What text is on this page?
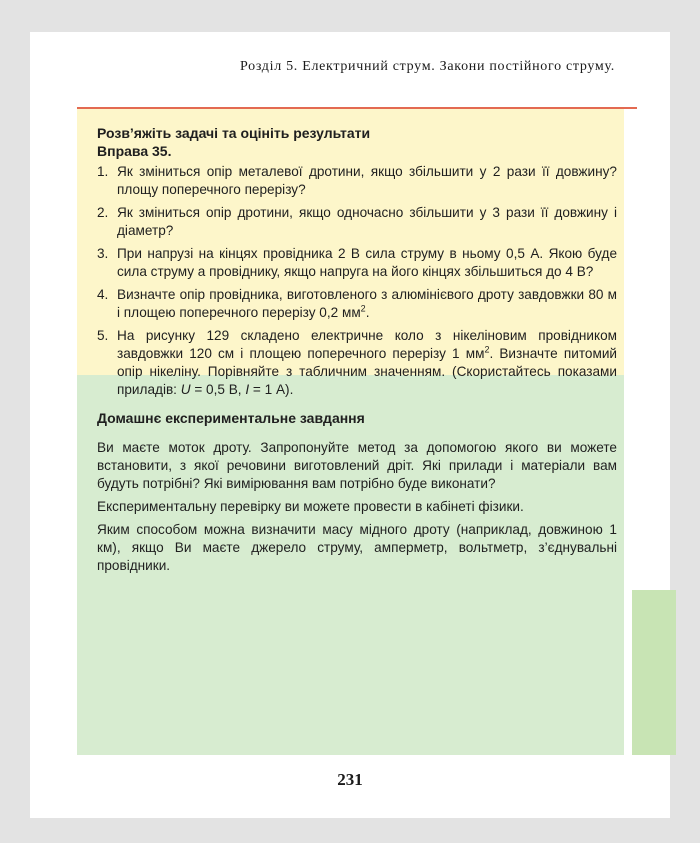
Розділ 5. Електричний струм. Закони постійного струму.

Розв’яжіть задачі та оцініть результати

Вправа 35.

1. Як зміниться опір металевої дротини, якщо збільшити у 2 рази її довжину? площу поперечного перерізу?
2. Як зміниться опір дротини, якщо одночасно збільшити у 3 рази її довжину і діаметр?
3. При напрузі на кінцях провідника 2 В сила струму в ньому 0,5 А. Якою буде сила струму а провіднику, якщо напруга на його кінцях збільшиться до 4 В?
4. Визначте опір провідника, виготовленого з алюмінієвого дроту завдовжки 80 м і площею поперечного перерізу 0,2 $мм^2$.
5. На рисунку 129 складено електричне коло з нікеліновим провідником завдовжки 120 см і площею поперечного перерізу 1 $мм^2$. Визначте питомий опір нікеліну. Порівняйте з табличним значенням. (Скористайтесь показами приладів: U = 0,5 В, I = 1 А).

Домашнє експериментальне завдання

Ви маєте моток дроту. Запропонуйте метод за допомогою якого ви можете встановити, з якої речовини виготовлений дріт. Які прилади і матеріали вам будуть потрібні? Які вимірювання вам потрібно буде виконати?

Експериментальну перевірку ви можете провести в кабінеті фізики.

Яким способом можна визначити масу мідного дроту (наприклад, довжиною 1 км), якщо Ви маєте джерело струму, амперметр, вольтметр, з’єднувальні провідники.

231
